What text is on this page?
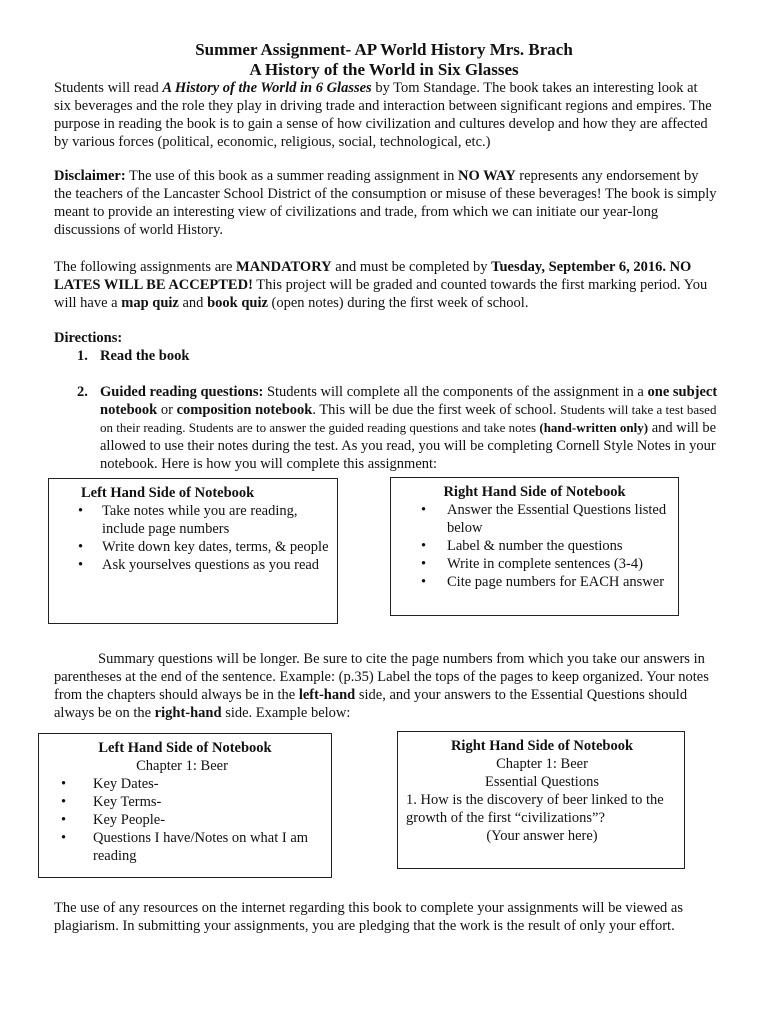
Summer Assignment- AP World History Mrs. Brach
A History of the World in Six Glasses
Students will read A History of the World in 6 Glasses by Tom Standage. The book takes an interesting look at six beverages and the role they play in driving trade and interaction between significant regions and empires. The purpose in reading the book is to gain a sense of how civilization and cultures develop and how they are affected by various forces (political, economic, religious, social, technological, etc.)
Disclaimer: The use of this book as a summer reading assignment in NO WAY represents any endorsement by the teachers of the Lancaster School District of the consumption or misuse of these beverages! The book is simply meant to provide an interesting view of civilizations and trade, from which we can initiate our year-long discussions of world History.
The following assignments are MANDATORY and must be completed by Tuesday, September 6, 2016. NO LATES WILL BE ACCEPTED! This project will be graded and counted towards the first marking period. You will have a map quiz and book quiz (open notes) during the first week of school.
Directions:
1. Read the book
2. Guided reading questions: Students will complete all the components of the assignment in a one subject notebook or composition notebook. This will be due the first week of school. Students will take a test based on their reading. Students are to answer the guided reading questions and take notes (hand-written only) and will be allowed to use their notes during the test. As you read, you will be completing Cornell Style Notes in your notebook. Here is how you will complete this assignment:
Left Hand Side of Notebook
• Take notes while you are reading, include page numbers
• Write down key dates, terms, & people
• Ask yourselves questions as you read
Right Hand Side of Notebook
• Answer the Essential Questions listed below
• Label & number the questions
• Write in complete sentences (3-4)
• Cite page numbers for EACH answer
Summary questions will be longer. Be sure to cite the page numbers from which you take our answers in parentheses at the end of the sentence. Example: (p.35) Label the tops of the pages to keep organized. Your notes from the chapters should always be in the left-hand side, and your answers to the Essential Questions should always be on the right-hand side. Example below:
Left Hand Side of Notebook
Chapter 1: Beer
• Key Dates-
• Key Terms-
• Key People-
• Questions I have/Notes on what I am reading
Right Hand Side of Notebook
Chapter 1: Beer
Essential Questions
1. How is the discovery of beer linked to the growth of the first “civilizations”?
(Your answer here)
The use of any resources on the internet regarding this book to complete your assignments will be viewed as plagiarism. In submitting your assignments, you are pledging that the work is the result of only your effort.
